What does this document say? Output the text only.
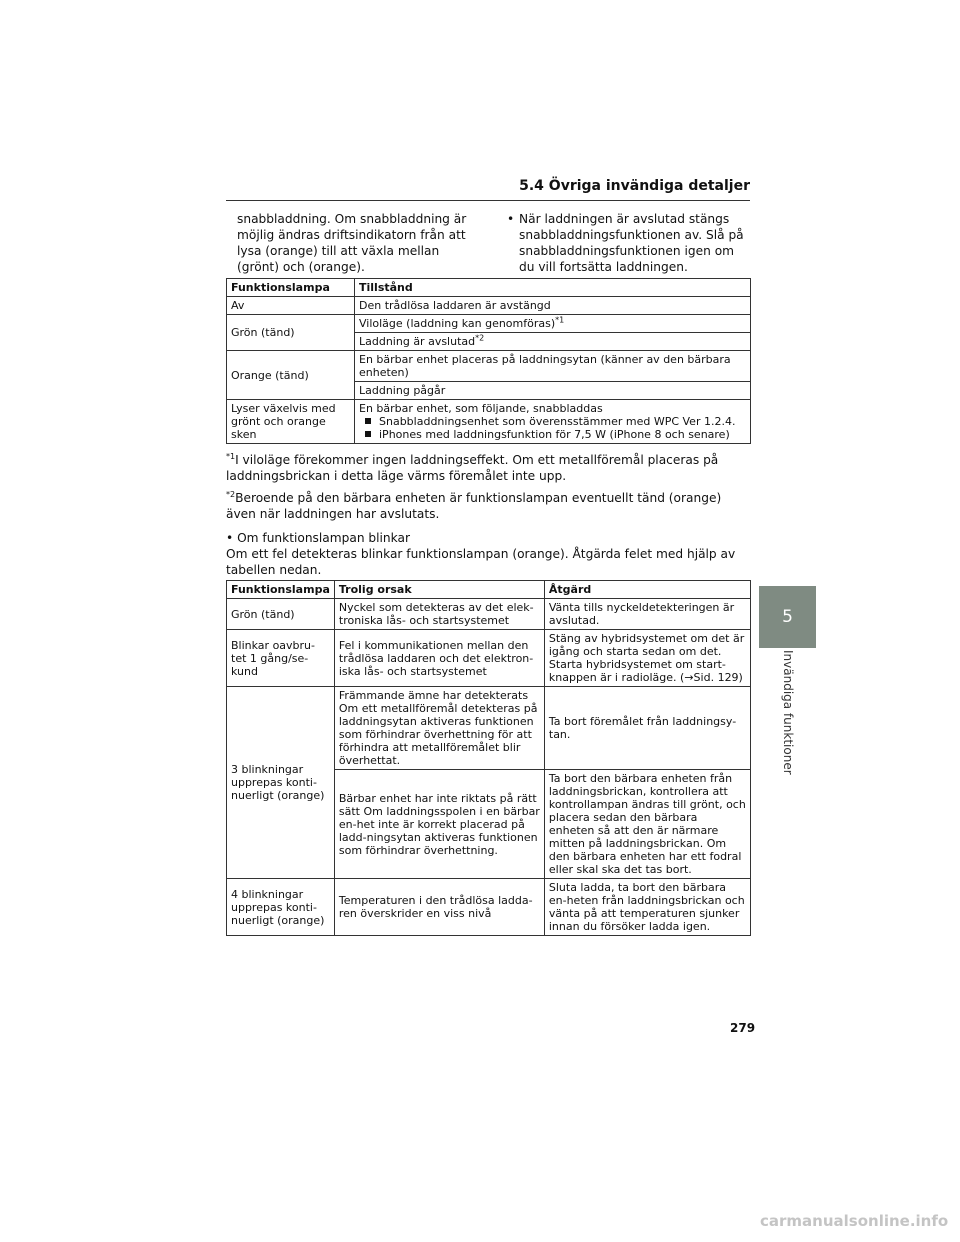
5.4 Övriga invändiga detaljer
5
Invändiga funktioner
snabbladdning. Om snabbladdning är möjlig ändras driftsindikatorn från att lysa (orange) till att växla mellan (grönt) och (orange).
• När laddningen är avslutad stängs snabbladdningsfunktionen av. Slå på snabbladdningsfunktionen igen om du vill fortsätta laddningen.
Funktionslampa	Tillstånd
Av	Den trådlösa laddaren är avstängd
Grön (tänd)	Viloläge (laddning kan genomföras)$^{*1}$
	Laddning är avslutad$^{*2}$
Orange (tänd)	En bärbar enhet placeras på laddningsytan (känner av den bärbara enheten)
	Laddning pågår
Lyser växelvis med grönt och orange sken	En bärbar enhet, som följande, snabbladdas
Snabbladdningsenhet som överensstämmer med WPC Ver 1.2.4.
iPhones med laddningsfunktion för 7,5 W (iPhone 8 och senare)
$^{*1}$I viloläge förekommer ingen laddningseffekt. Om ett metallföremål placeras på laddningsbrickan i detta läge värms föremålet inte upp.
$^{*2}$Beroende på den bärbara enheten är funktionslampan eventuellt tänd (orange) även när laddningen har avslutats.
• Om funktionslampan blinkar
Om ett fel detekteras blinkar funktionslampan (orange). Åtgärda felet med hjälp av tabellen nedan.
Funktionslampa	Trolig orsak	Åtgärd
Grön (tänd)	Nyckel som detekteras av det elek-troniska lås- och startsystemet	Vänta tills nyckeldetekteringen är avslutad.
Blinkar oavbru-tet 1 gång/se-kund	Fel i kommunikationen mellan den trådlösa laddaren och det elektron-iska lås- och startsystemet	Stäng av hybridsystemet om det är igång och starta sedan om det. Starta hybridsystemet om start-knappen är i radioläge. (→Sid. 129)
3 blinkningar upprepas konti-nuerligt (orange)	Främmande ämne har detekterats Om ett metallföremål detekteras på laddningsytan aktiveras funktionen som förhindrar överhettning för att förhindra att metallföremålet blir överhettat.	Ta bort föremålet från laddningsy-tan.
	Bärbar enhet har inte riktats på rätt sätt Om laddningsspolen i en bärbar en-het inte är korrekt placerad på ladd-ningsytan aktiveras funktionen som förhindrar överhettning.	Ta bort den bärbara enheten från laddningsbrickan, kontrollera att kontrollampan ändras till grönt, och placera sedan den bärbara enheten så att den är närmare mitten på laddningsbrickan. Om den bärbara enheten har ett fodral eller skal ska det tas bort.
4 blinkningar upprepas konti-nuerligt (orange)	Temperaturen i den trådlösa ladda-ren överskrider en viss nivå	Sluta ladda, ta bort den bärbara en-heten från laddningsbrickan och vänta på att temperaturen sjunker innan du försöker ladda igen.
279
carmanualsonline.info
